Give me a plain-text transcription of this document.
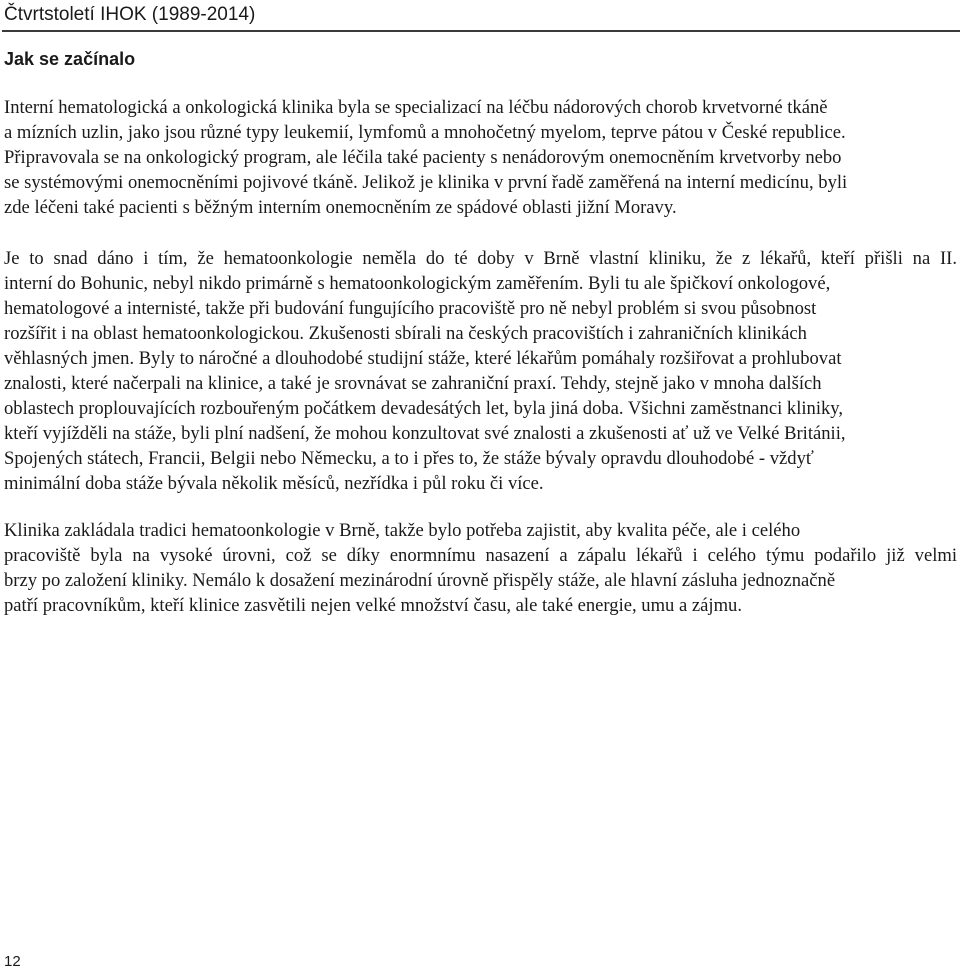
Čtvrtstoletí IHOK (1989-2014)
Jak se začínalo

Interní hematologická a onkologická klinika byla se specializací na léčbu nádorových chorob krvetvorné tkáně
a mízních uzlin, jako jsou různé typy leukemií, lymfomů a mnohočetný myelom, teprve pátou v České republice.
Připravovala se na onkologický program, ale léčila také pacienty s nenádorovým onemocněním krvetvorby nebo
se systémovými onemocněními pojivové tkáně. Jelikož je klinika v první řadě zaměřená na interní medicínu, byli
zde léčeni také pacienti s běžným interním onemocněním ze spádové oblasti jižní Moravy.

Je to snad dáno i tím, že hematoonkologie neměla do té doby v Brně vlastní kliniku, že z lékařů, kteří přišli na II.
interní do Bohunic, nebyl nikdo primárně s hematoonkologickým zaměřením. Byli tu ale špičkoví onkologové,
hematologové a internisté, takže při budování fungujícího pracoviště pro ně nebyl problém si svou působnost
rozšířit i na oblast hematoonkologickou. Zkušenosti sbírali na českých pracovištích i zahraničních klinikách
věhlasných jmen. Byly to náročné a dlouhodobé studijní stáže, které lékařům pomáhaly rozšiřovat a prohlubovat
znalosti, které načerpali na klinice, a také je srovnávat se zahraniční praxí. Tehdy, stejně jako v mnoha dalších
oblastech proplouvajících rozbouřeným počátkem devadesátých let, byla jiná doba. Všichni zaměstnanci kliniky,
kteří vyjížděli na stáže, byli plní nadšení, že mohou konzultovat své znalosti a zkušenosti ať už ve Velké Británii,
Spojených státech, Francii, Belgii nebo Německu, a to i přes to, že stáže bývaly opravdu dlouhodobé - vždyť
minimální doba stáže bývala několik měsíců, nezřídka i půl roku či více.

Klinika zakládala tradici hematoonkologie v Brně, takže bylo potřeba zajistit, aby kvalita péče, ale i celého
pracoviště byla na vysoké úrovni, což se díky enormnímu nasazení a zápalu lékařů i celého týmu podařilo již velmi
brzy po založení kliniky. Nemálo k dosažení mezinárodní úrovně přispěly stáže, ale hlavní zásluha jednoznačně
patří pracovníkům, kteří klinice zasvětili nejen velké množství času, ale také energie, umu a zájmu.

12
